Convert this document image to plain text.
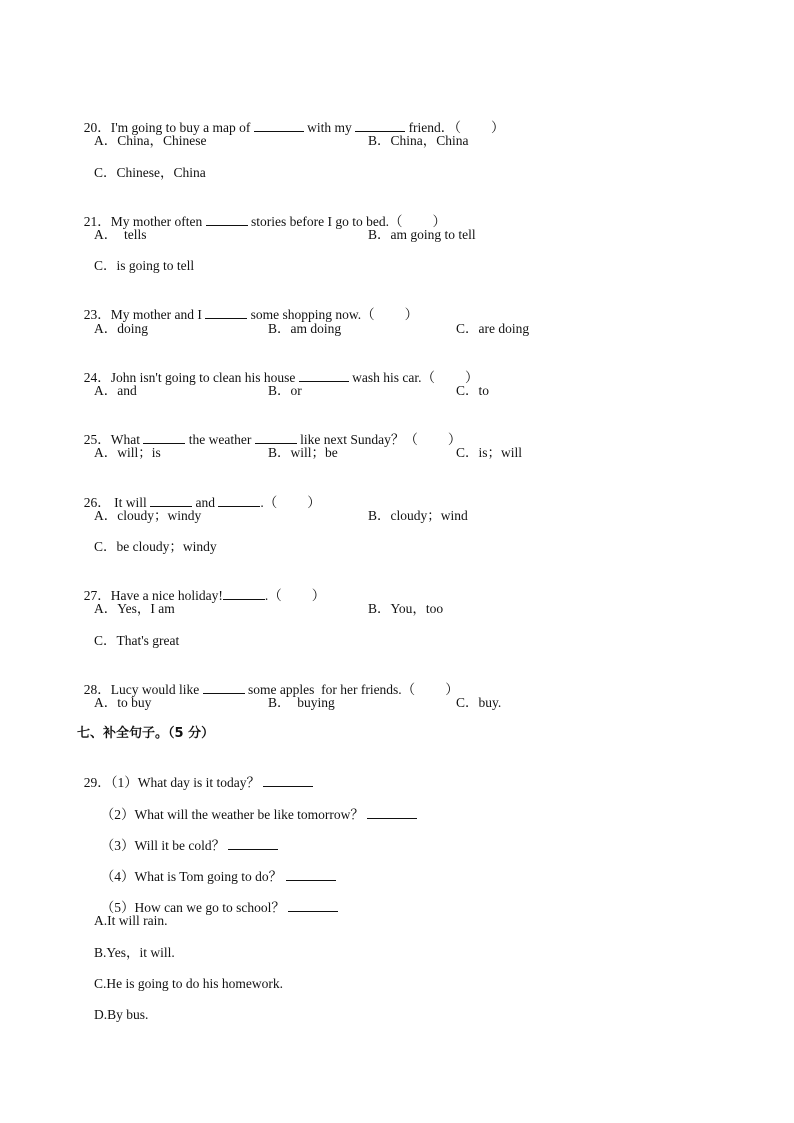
20．I'm going to buy a map of	with my	friend．（ ）

A．China，Chinese	B．China，China
C．Chinese，China

21．My mother often	stories before I go to bed.（ ）

A．  tells	B．am going to tell
C．is going to tell

23．My mother and I	some shopping now.（ ）

A．doing	B．am doing	C．are doing

24．John isn't going to clean his house	wash his car.（ ）

A．and	B．or	C．to

25．What	the weather	like next Sunday？（ ）

A．will；is	B．will；be	C．is；will

26． It will	and	.（ ）

A．cloudy；windy	B．cloudy；wind
C．be cloudy；windy

27．Have a nice holiday!	.（ ）

A．Yes，I am	B．You，too
C．That's great

28．Lucy would like	some apples  for her friends.（ ）

A．to buy	B．  buying	C．buy.
七、补全句子。（5 分）

29．（1）What day is it today？

（2）What will the weather be like tomorrow？

（3）Will it be cold？

（4）What is Tom going to do？

（5）How can we go to school？

A.It will rain.
B.Yes，it will.
C.He is going to do his homework.
D.By bus.
